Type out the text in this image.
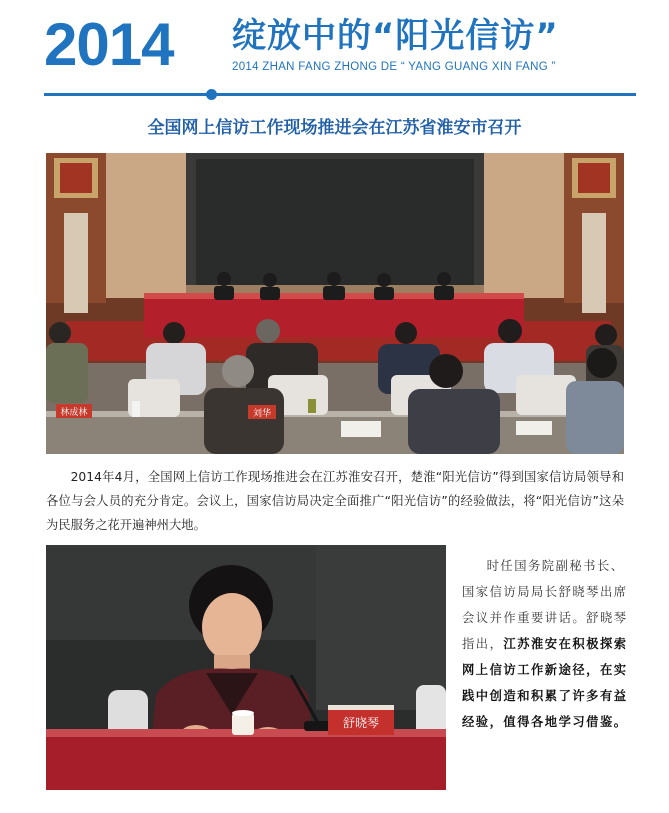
2014 绽放中的“阳光信访”
2014 ZHAN FANG ZHONG DE “ YANG GUANG XIN FANG ”
全国网上信访工作现场推进会在江苏省淮安市召开
林成林	刘华
2014年4月，全国网上信访工作现场推进会在江苏淮安召开，楚淮“阳光信访”得到国家信访局领导和各位与会人员的充分肯定。会议上，国家信访局决定全面推广“阳光信访”的经验做法，将“阳光信访”这朵为民服务之花开遍神州大地。
舒晓琴
时任国务院副秘书长、国家信访局局长舒晓琴出席会议并作重要讲话。舒晓琴指出，江苏淮安在积极探索网上信访工作新途径，在实践中创造和积累了许多有益经验，值得各地学习借鉴。
